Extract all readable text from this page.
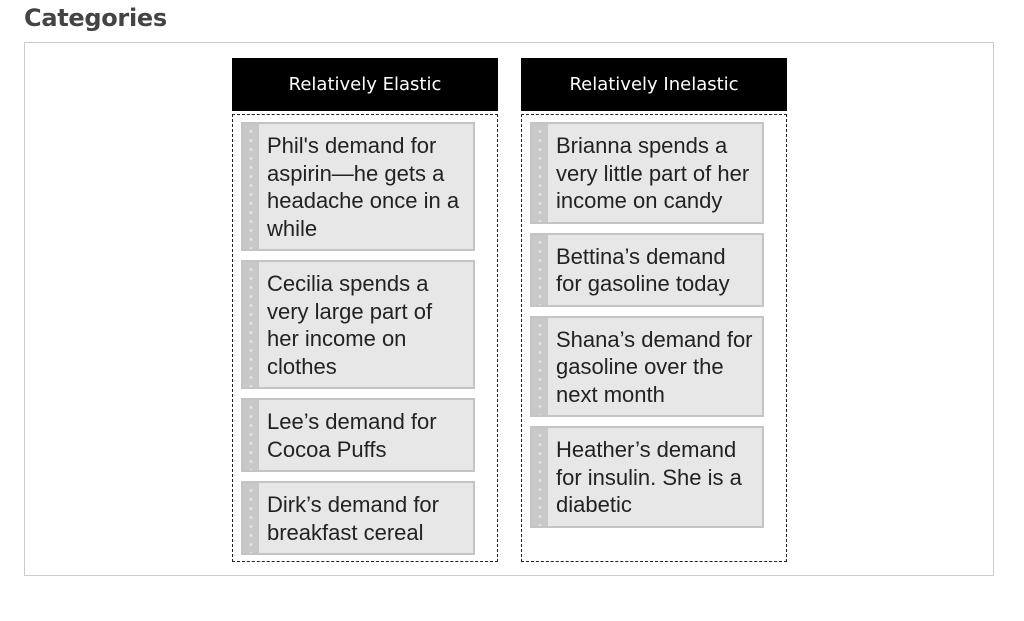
Categories
Relatively Elastic
Phil's demand for aspirin—he gets a headache once in a while
Cecilia spends a very large part of her income on clothes
Lee’s demand for Cocoa Puffs
Dirk’s demand for breakfast cereal
Relatively Inelastic
Brianna spends a very little part of her income on candy
Bettina’s demand for gasoline today
Shana’s demand for gasoline over the next month
Heather’s demand for insulin. She is a diabetic
